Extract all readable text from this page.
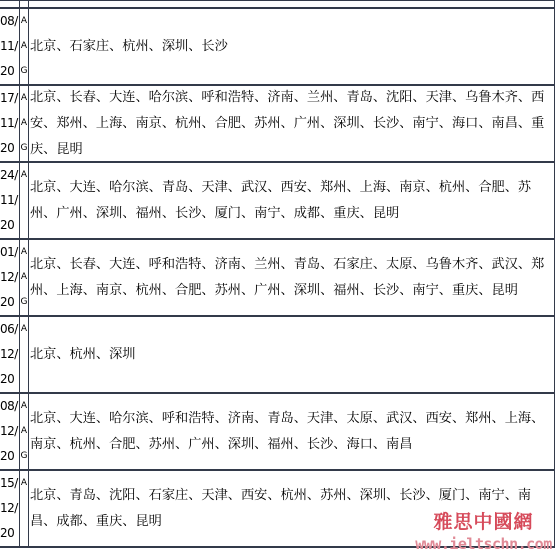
08/11/20
AAG
北京、石家庄、杭州、深圳、长沙
17/11/20
AAG
北京、长春、大连、哈尔滨、呼和浩特、济南、兰州、青岛、沈阳、天津、乌鲁木齐、西安、郑州、上海、南京、杭州、合肥、苏州、广州、深圳、长沙、南宁、海口、南昌、重庆、昆明
24/11/20
A
北京、大连、哈尔滨、青岛、天津、武汉、西安、郑州、上海、南京、杭州、合肥、苏州、广州、深圳、福州、长沙、厦门、南宁、成都、重庆、昆明
01/12/20
AAG
北京、长春、大连、呼和浩特、济南、兰州、青岛、石家庄、太原、乌鲁木齐、武汉、郑州、上海、南京、杭州、合肥、苏州、广州、深圳、福州、长沙、南宁、重庆、昆明
06/12/20
A
北京、杭州、深圳
08/12/20
AAG
北京、大连、哈尔滨、呼和浩特、济南、青岛、天津、太原、武汉、西安、郑州、上海、南京、杭州、合肥、苏州、广州、深圳、福州、长沙、海口、南昌
15/12/20
A
北京、青岛、沈阳、石家庄、天津、西安、杭州、苏州、深圳、长沙、厦门、南宁、南昌、成都、重庆、昆明	雅思中國網
www.ieltschn.com
